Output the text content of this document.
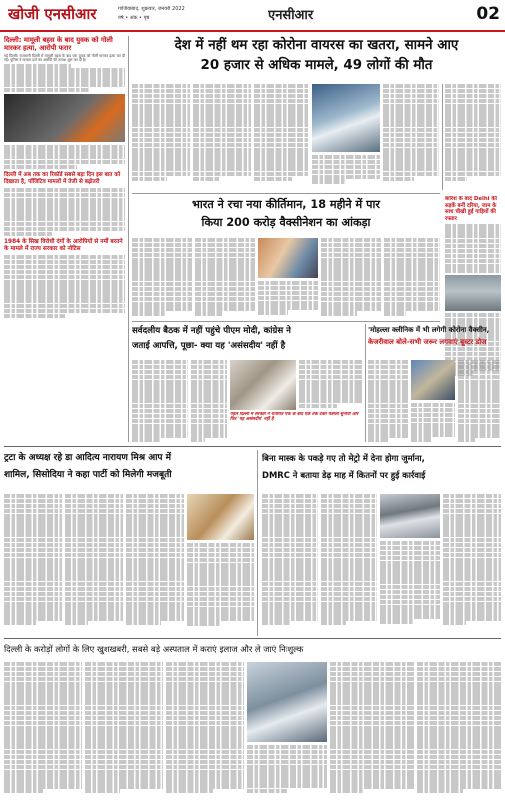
खोजी एनसीआर	गाजियाबाद, शुक्रवार, जनवरी 2022
वर्ष • अंक • पृष्ठ	एनसीआर	02
दिल्ली: मामूली बहस के बाद युवक को गोली मारकर हत्या, आरोपी फरार
नई दिल्ली। राजधानी दिल्ली में मामूली बहस के बाद एक युवक को गोली मारकर हत्या कर दी गई। पुलिस ने मामला दर्ज कर आरोपी की तलाश शुरू कर दी है।
दिल्ली में अब तक का रिकॉर्ड सबसे बड़ा दिन इस बात को दिखाता है, पॉजिटिव मामलों में तेजी से बढ़ोतरी
1984 के सिख विरोधी दंगों के आरोपियों से नर्मी बरतने के मामले में राज्य सरकार को नोटिस
देश में नहीं थम रहा कोरोना वायरस का खतरा, सामने आए
20 हजार से अधिक मामले, 49 लोगों की मौत
भारत ने रचा नया कीर्तिमान, 18 महीने में पार
किया 200 करोड़ वैक्सीनेशन का आंकड़ा
बारिश के बाद Delhi की सड़कें बनीं दरिया, जाम के साथ चीखी हुईं गाड़ियों की रफ्तार
सर्वदलीय बैठक में नहीं पहुंचे पीएम मोदी, कांग्रेस ने
जताई आपत्ति, पूछा- क्या यह 'असंसदीय' नहीं है
पहले दिल्ली में सरकार ने रातोंरात एक के बाद एक तर्क देकर फैसला सुनाया और फिर 'यह असंसदीय' नहीं है
'मोहल्ला क्लीनिक में भी लगेगी कोरोना वैक्सीन,
केजरीवाल बोले-सभी जरूर लगवाएं बूस्टर डोज
ट्रटा के अध्यक्ष रहे डा आदित्य नारायण मिश्र आप में
शामिल, सिसोदिया ने कहा पार्टी को मिलेगी मजबूती
बिना मास्क के पकड़े गए तो मेट्रो में देना होगा जुर्माना,
DMRC ने बताया डेढ़ माह में कितनों पर हुई कार्रवाई
दिल्ली के करोड़ों लोगों के लिए खुशखबरी, सबसे बड़े अस्पताल में कराएं इलाज और ले जाएं निःशुल्क
